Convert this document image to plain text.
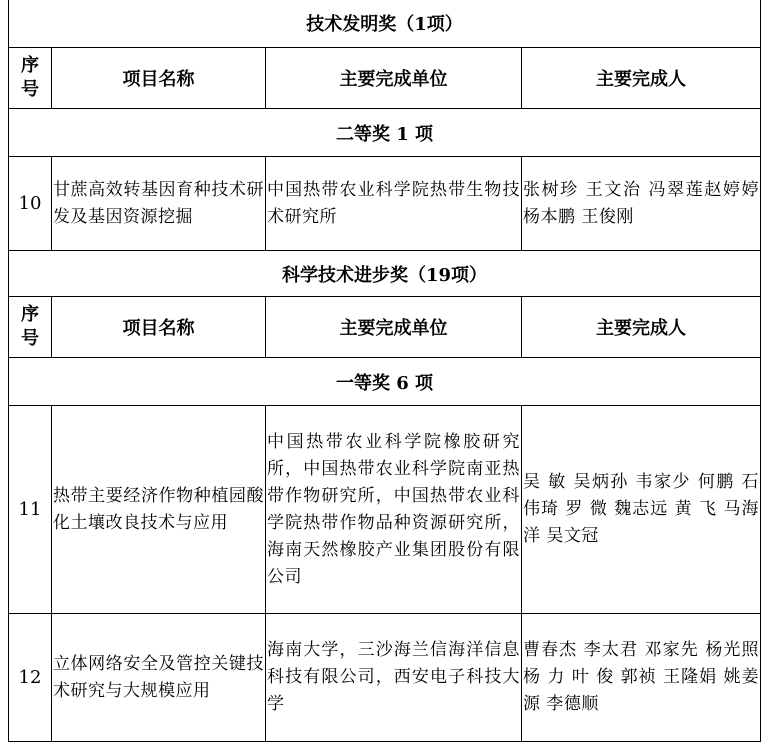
技术发明奖（1项）			
序号	项目名称	主要完成单位	主要完成人
二等奖 1 项			
10	甘蔗高效转基因育种技术研发及基因资源挖掘	中国热带农业科学院热带生物技术研究所	张树珍 王文治 冯翠莲赵婷婷 杨本鹏 王俊刚
科学技术进步奖（19项）			
序号	项目名称	主要完成单位	主要完成人
一等奖 6 项			
11	热带主要经济作物种植园酸化土壤改良技术与应用	中国热带农业科学院橡胶研究所，中国热带农业科学院南亚热带作物研究所，中国热带农业科学院热带作物品种资源研究所，海南天然橡胶产业集团股份有限公司	吴 敏 吴炳孙 韦家少 何鹏 石伟琦 罗 微 魏志远 黄 飞 马海洋 吴文冠
12	立体网络安全及管控关键技术研究与大规模应用	海南大学，三沙海兰信海洋信息科技有限公司，西安电子科技大学	曹春杰 李太君 邓家先 杨光照 杨 力 叶 俊 郭祯 王隆娟 姚姜源 李德顺
